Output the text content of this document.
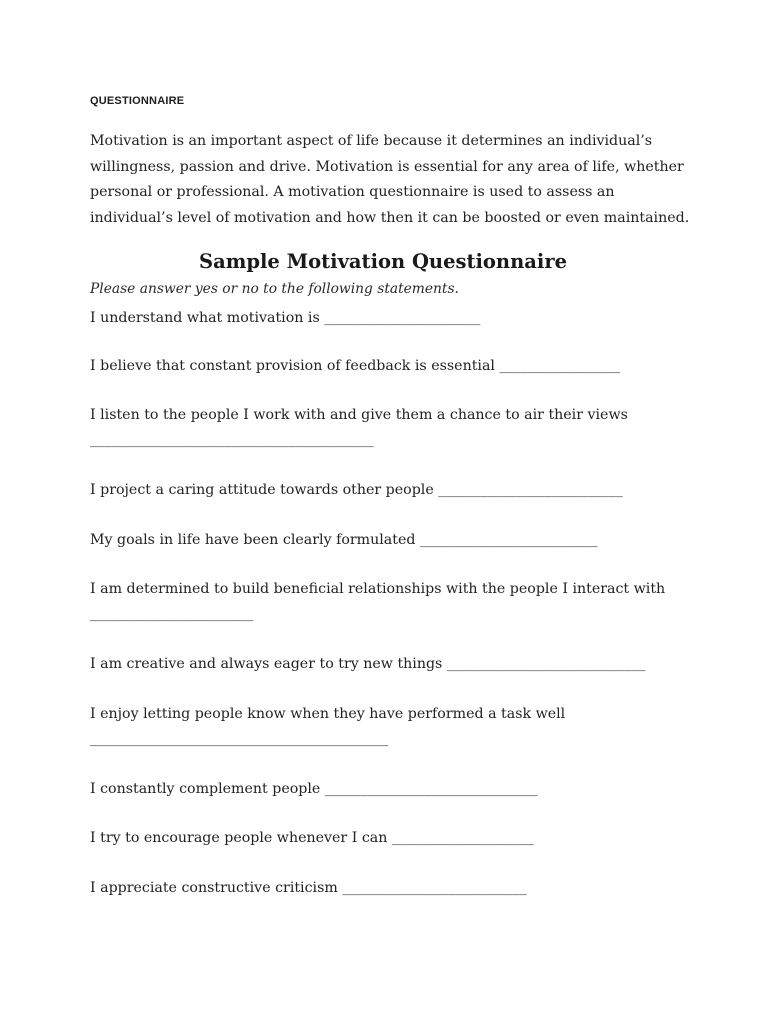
QUESTIONNAIRE

Motivation is an important aspect of life because it determines an individual’s willingness, passion and drive. Motivation is essential for any area of life, whether personal or professional. A motivation questionnaire is used to assess an individual’s level of motivation and how then it can be boosted or even maintained.

Sample Motivation Questionnaire

Please answer yes or no to the following statements.

I understand what motivation is ______________________
I believe that constant provision of feedback is essential _________________
I listen to the people I work with and give them a chance to air their views
________________________________________
I project a caring attitude towards other people __________________________
My goals in life have been clearly formulated _________________________
I am determined to build beneficial relationships with the people I interact with
_______________________
I am creative and always eager to try new things ____________________________
I enjoy letting people know when they have performed a task well
__________________________________________
I constantly complement people ______________________________
I try to encourage people whenever I can ____________________
I appreciate constructive criticism __________________________
